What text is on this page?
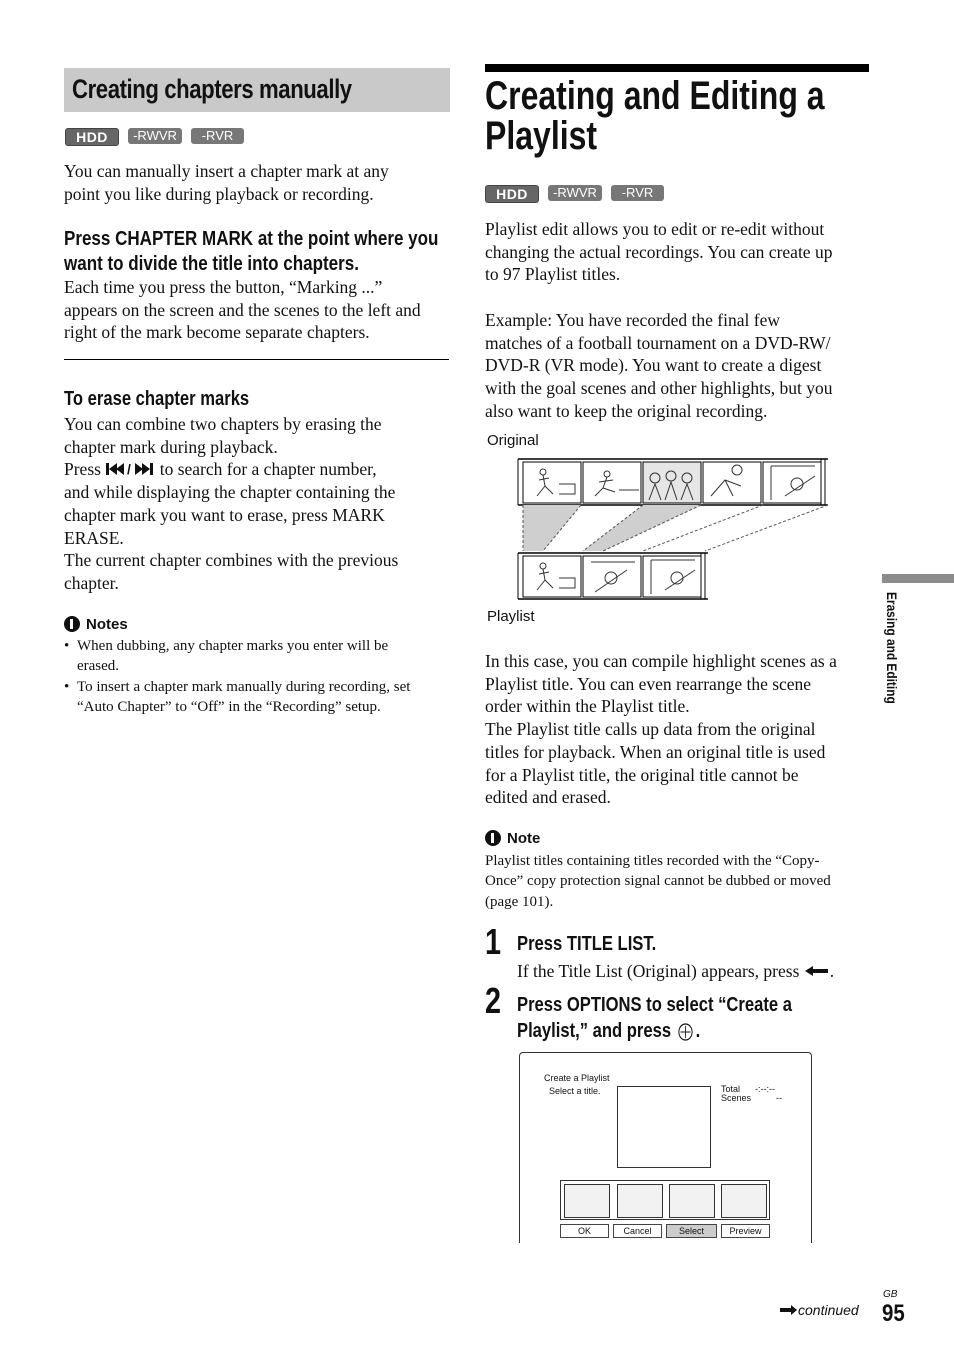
Creating chapters manually
HDD	-RWVR	-RVR
You can manually insert a chapter mark at any
point you like during playback or recording.
Press CHAPTER MARK at the point where you
want to divide the title into chapters.
Each time you press the button, “Marking ...”
appears on the screen and the scenes to the left and
right of the mark become separate chapters.
To erase chapter marks
You can combine two chapters by erasing the
chapter mark during playback.
Press / to search for a chapter number,
and while displaying the chapter containing the
chapter mark you want to erase, press MARK
ERASE.
The current chapter combines with the previous
chapter.
Notes
• When dubbing, any chapter marks you enter will be
erased.
• To insert a chapter mark manually during recording, set
“Auto Chapter” to “Off” in the “Recording” setup.
Creating and Editing a
Playlist
HDD	-RWVR	-RVR
Playlist edit allows you to edit or re-edit without
changing the actual recordings. You can create up
to 97 Playlist titles.
Example: You have recorded the final few
matches of a football tournament on a DVD-RW/
DVD-R (VR mode). You want to create a digest
with the goal scenes and other highlights, but you
also want to keep the original recording.
Original
Playlist
In this case, you can compile highlight scenes as a
Playlist title. You can even rearrange the scene
order within the Playlist title.
The Playlist title calls up data from the original
titles for playback. When an original title is used
for a Playlist title, the original title cannot be
edited and erased.
Note
Playlist titles containing titles recorded with the “Copy-
Once” copy protection signal cannot be dubbed or moved
(page 101).
1 Press TITLE LIST.
If the Title List (Original) appears, press .
2 Press OPTIONS to select “Create a
Playlist,” and press .
Create a Playlist
Select a title.	Total -:--:--
Scenes	--
OK	Cancel	Select	Preview
Erasing and Editing
continued
GB
95
